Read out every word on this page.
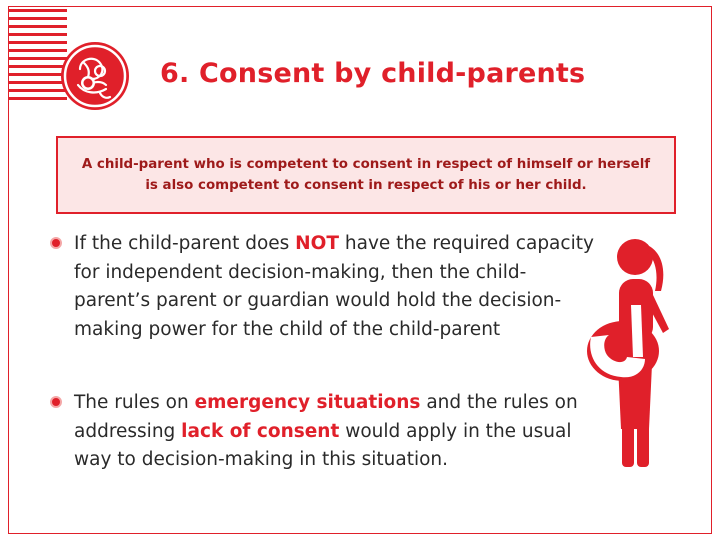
6. Consent by child-parents
A child-parent who is competent to consent in respect of himself or herself is also competent to consent in respect of his or her child.
If the child-parent does NOT have the required capacity for independent decision-making, then the child-parent’s parent or guardian would hold the decision-making power for the child of the child-parent
The rules on emergency situations and the rules on addressing lack of consent would apply in the usual way to decision-making in this situation.
